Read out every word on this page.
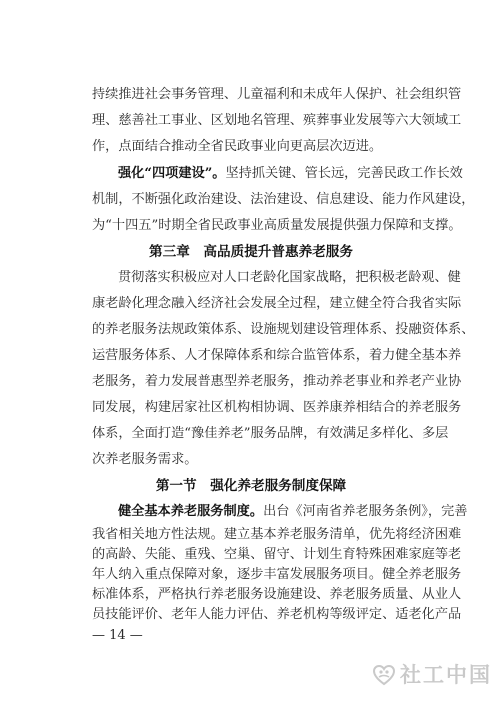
持续推进社会事务管理、儿童福利和未成年人保护、社会组织管
理、慈善社工事业、区划地名管理、殡葬事业发展等六大领域工
作，点面结合推动全省民政事业向更高层次迈进。
强化“四项建设”。坚持抓关键、管长远，完善民政工作长效
机制，不断强化政治建设、法治建设、信息建设、能力作风建设，
为“十四五”时期全省民政事业高质量发展提供强力保障和支撑。
第三章　高品质提升普惠养老服务
贯彻落实积极应对人口老龄化国家战略，把积极老龄观、健
康老龄化理念融入经济社会发展全过程，建立健全符合我省实际
的养老服务法规政策体系、设施规划建设管理体系、投融资体系、
运营服务体系、人才保障体系和综合监管体系，着力健全基本养
老服务，着力发展普惠型养老服务，推动养老事业和养老产业协
同发展，构建居家社区机构相协调、医养康养相结合的养老服务
体系，全面打造“豫佳养老”服务品牌，有效满足多样化、多层
次养老服务需求。
第一节　强化养老服务制度保障
健全基本养老服务制度。出台《河南省养老服务条例》，完善
我省相关地方性法规。建立基本养老服务清单，优先将经济困难
的高龄、失能、重残、空巢、留守、计划生育特殊困难家庭等老
年人纳入重点保障对象，逐步丰富发展服务项目。健全养老服务
标准体系，严格执行养老服务设施建设、养老服务质量、从业人
— 14 —
社工中国
员技能评价、老年人能力评估、养老机构等级评定、适老化产品
